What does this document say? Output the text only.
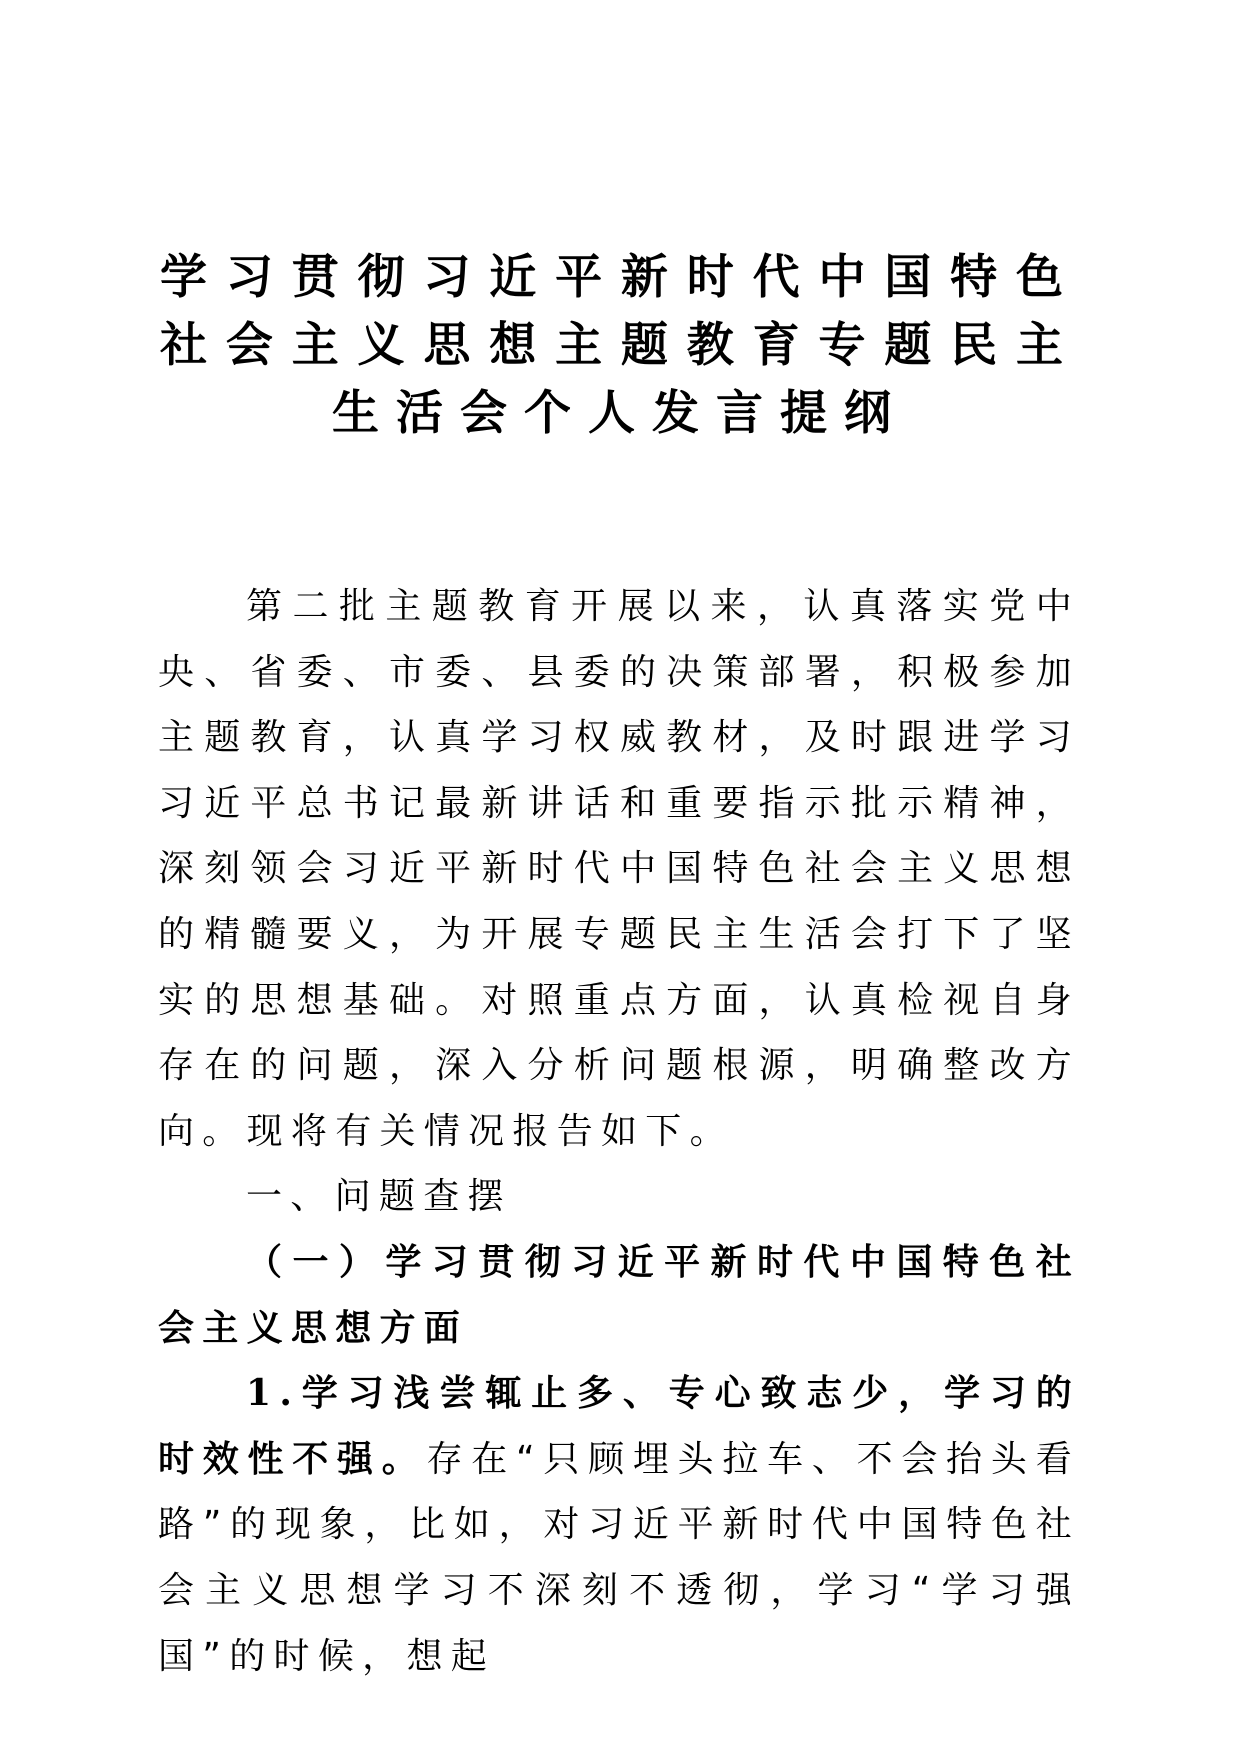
学习贯彻习近平新时代中国特色社会主义思想主题教育专题民主生活会个人发言提纲

第二批主题教育开展以来，认真落实党中央、省委、市委、县委的决策部署，积极参加主题教育，认真学习权威教材，及时跟进学习习近平总书记最新讲话和重要指示批示精神，深刻领会习近平新时代中国特色社会主义思想的精髓要义，为开展专题民主生活会打下了坚实的思想基础。对照重点方面，认真检视自身存在的问题，深入分析问题根源，明确整改方向。现将有关情况报告如下。

一、问题查摆

（一）学习贯彻习近平新时代中国特色社会主义思想方面

1.学习浅尝辄止多、专心致志少，学习的时效性不强。存在“只顾埋头拉车、不会抬头看路”的现象，比如，对习近平新时代中国特色社会主义思想学习不深刻不透彻，学习“学习强国”的时候，想起
